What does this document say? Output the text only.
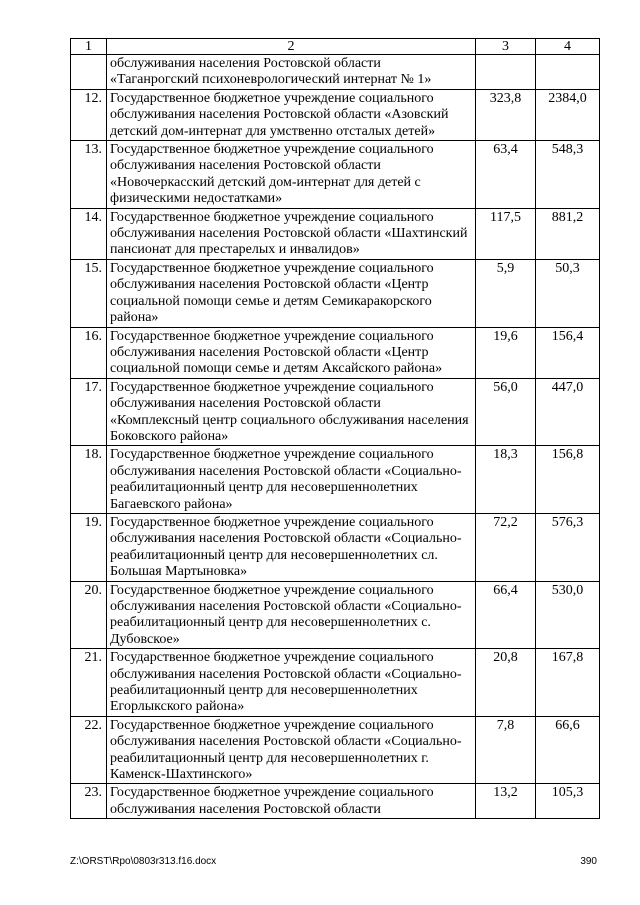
1	2	3	4
	обслуживания населения Ростовской области «Таганрогский психоневрологический интернат № 1»		
12.	Государственное бюджетное учреждение социального обслуживания населения Ростовской области «Азовский детский дом-интернат для умственно отсталых детей»	323,8	2384,0
13.	Государственное бюджетное учреждение социального обслуживания населения Ростовской области «Новочеркасский детский дом-интернат для детей с физическими недостатками»	63,4	548,3
14.	Государственное бюджетное учреждение социального обслуживания населения Ростовской области «Шахтинский пансионат для престарелых и инвалидов»	117,5	881,2
15.	Государственное бюджетное учреждение социального обслуживания населения Ростовской области «Центр социальной помощи семье и детям Семикаракорского района»	5,9	50,3
16.	Государственное бюджетное учреждение социального обслуживания населения Ростовской области «Центр социальной помощи семье и детям Аксайского района»	19,6	156,4
17.	Государственное бюджетное учреждение социального обслуживания населения Ростовской области «Комплексный центр социального обслуживания населения Боковского района»	56,0	447,0
18.	Государственное бюджетное учреждение социального обслуживания населения Ростовской области «Социально-реабилитационный центр для несовершеннолетних Багаевского района»	18,3	156,8
19.	Государственное бюджетное учреждение социального обслуживания населения Ростовской области «Социально-реабилитационный центр для несовершеннолетних сл. Большая Мартыновка»	72,2	576,3
20.	Государственное бюджетное учреждение социального обслуживания населения Ростовской области «Социально-реабилитационный центр для несовершеннолетних с. Дубовское»	66,4	530,0
21.	Государственное бюджетное учреждение социального обслуживания населения Ростовской области «Социально-реабилитационный центр для несовершеннолетних Егорлыкского района»	20,8	167,8
22.	Государственное бюджетное учреждение социального обслуживания населения Ростовской области «Социально-реабилитационный центр для несовершеннолетних г. Каменск-Шахтинского»	7,8	66,6
23.	Государственное бюджетное учреждение социального обслуживания населения Ростовской области	13,2	105,3
Z:\ORST\Rpo\0803r313.f16.docx	390
